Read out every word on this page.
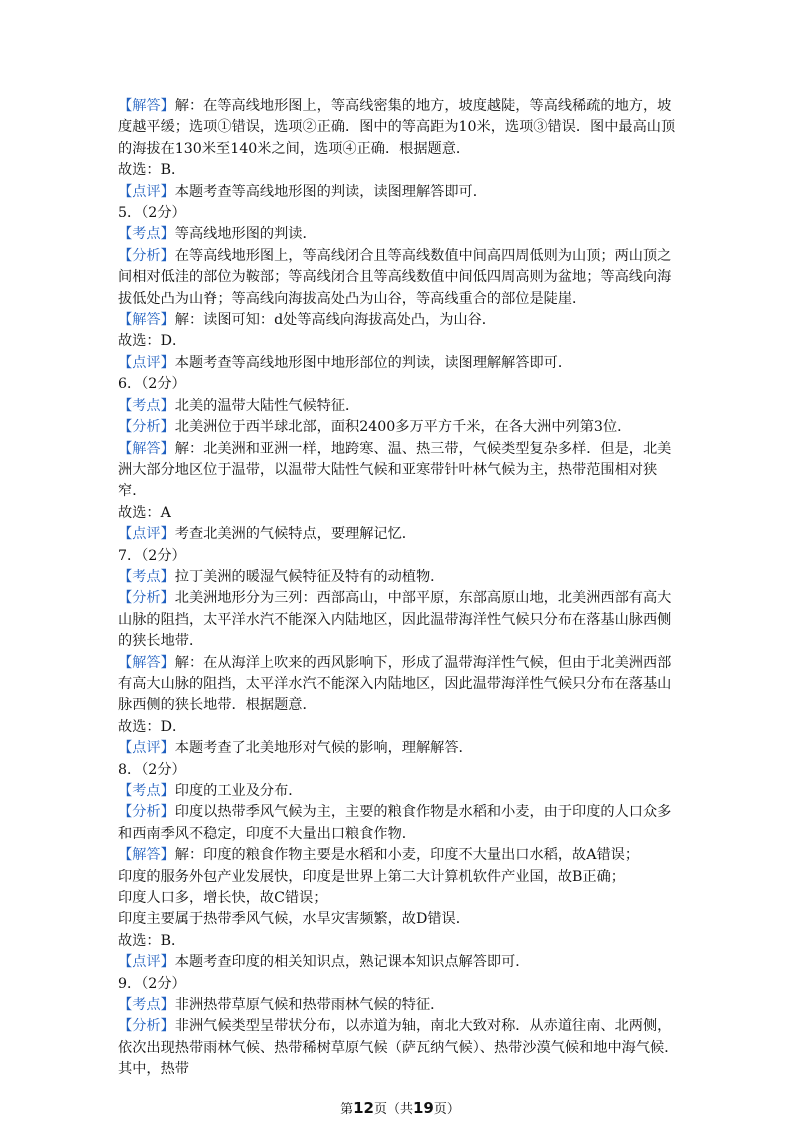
【解答】解：在等高线地形图上，等高线密集的地方，坡度越陡，等高线稀疏的地方，坡度越平缓；选项①错误，选项②正确．图中的等高距为10米，选项③错误．图中最高山顶的海拔在130米至140米之间，选项④正确．根据题意．

故选：B．

【点评】本题考查等高线地形图的判读，读图理解答即可．

5．（2分）

【考点】等高线地形图的判读．

【分析】在等高线地形图上，等高线闭合且等高线数值中间高四周低则为山顶；两山顶之间相对低洼的部位为鞍部；等高线闭合且等高线数值中间低四周高则为盆地；等高线向海拔低处凸为山脊；等高线向海拔高处凸为山谷，等高线重合的部位是陡崖．

【解答】解：读图可知：d处等高线向海拔高处凸，为山谷．

故选：D．

【点评】本题考查等高线地形图中地形部位的判读，读图理解解答即可．

6．（2分）

【考点】北美的温带大陆性气候特征．

【分析】北美洲位于西半球北部，面积2400多万平方千米，在各大洲中列第3位．

【解答】解：北美洲和亚洲一样，地跨寒、温、热三带，气候类型复杂多样．但是，北美洲大部分地区位于温带，以温带大陆性气候和亚寒带针叶林气候为主，热带范围相对狭窄．

故选：A

【点评】考查北美洲的气候特点，要理解记忆．

7．（2分）

【考点】拉丁美洲的暖湿气候特征及特有的动植物．

【分析】北美洲地形分为三列：西部高山，中部平原，东部高原山地，北美洲西部有高大山脉的阻挡，太平洋水汽不能深入内陆地区，因此温带海洋性气候只分布在落基山脉西侧的狭长地带．

【解答】解：在从海洋上吹来的西风影响下，形成了温带海洋性气候，但由于北美洲西部有高大山脉的阻挡，太平洋水汽不能深入内陆地区，因此温带海洋性气候只分布在落基山脉西侧的狭长地带．根据题意．

故选：D．

【点评】本题考查了北美地形对气候的影响，理解解答．

8．（2分）

【考点】印度的工业及分布．

【分析】印度以热带季风气候为主，主要的粮食作物是水稻和小麦，由于印度的人口众多和西南季风不稳定，印度不大量出口粮食作物．

【解答】解：印度的粮食作物主要是水稻和小麦，印度不大量出口水稻，故A错误；

印度的服务外包产业发展快，印度是世界上第二大计算机软件产业国，故B正确；

印度人口多，增长快，故C错误；

印度主要属于热带季风气候，水旱灾害频繁，故D错误．

故选：B．

【点评】本题考查印度的相关知识点，熟记课本知识点解答即可．

9．（2分）

【考点】非洲热带草原气候和热带雨林气候的特征．

【分析】非洲气候类型呈带状分布，以赤道为轴，南北大致对称．从赤道往南、北两侧，依次出现热带雨林气候、热带稀树草原气候（萨瓦纳气候）、热带沙漠气候和地中海气候．其中，热带

第12页（共19页）
